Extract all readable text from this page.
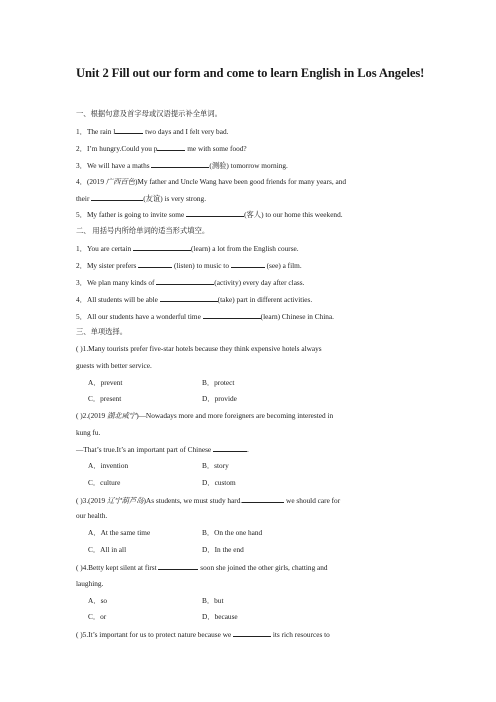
Unit 2 Fill out our form and come to learn English in Los Angeles!
一、根据句意及首字母或汉语提示补全单词。
1．The rain l	two days and I felt very bad.
2．I’m hungry.Could you p	me with some food?
3．We will have a maths	(测验) tomorrow morning.
4．(2019 广西百色)My father and Uncle Wang have been good friends for many years, and
their	(友谊) is very strong.
5．My father is going to invite some	(客人) to our home this weekend.
二、 用括号内所给单词的适当形式填空。
1．You are certain	(learn) a lot from the English course.
2．My sister prefers	(listen) to music to	(see) a film.
3．We plan many kinds of	(activity) every day after class.
4．All students will be able	(take) part in different activities.
5．All our students have a wonderful time	(learn) Chinese in China.
三、单项选择。
( )1.Many tourists prefer five-star hotels because they think expensive hotels always
guests with better service.
A．prevent	B．protect
C．present	D．provide
( )2.(2019 湖北咸宁)—Nowadays more and more foreigners are becoming interested in
kung fu.
—That’s true.It’s an important part of Chinese	.
A．invention	B．story
C．culture	D．custom
( )3.(2019 辽宁葫芦岛)As students, we must study hard.	we should care for
our health.
A．At the same time	B．On the one hand
C．All in all	D．In the end
( )4.Betty kept silent at first	soon she joined the other girls, chatting and
laughing.
A．so	B．but
C．or	D．because
( )5.It’s important for us to protect nature because we	its rich resources to
